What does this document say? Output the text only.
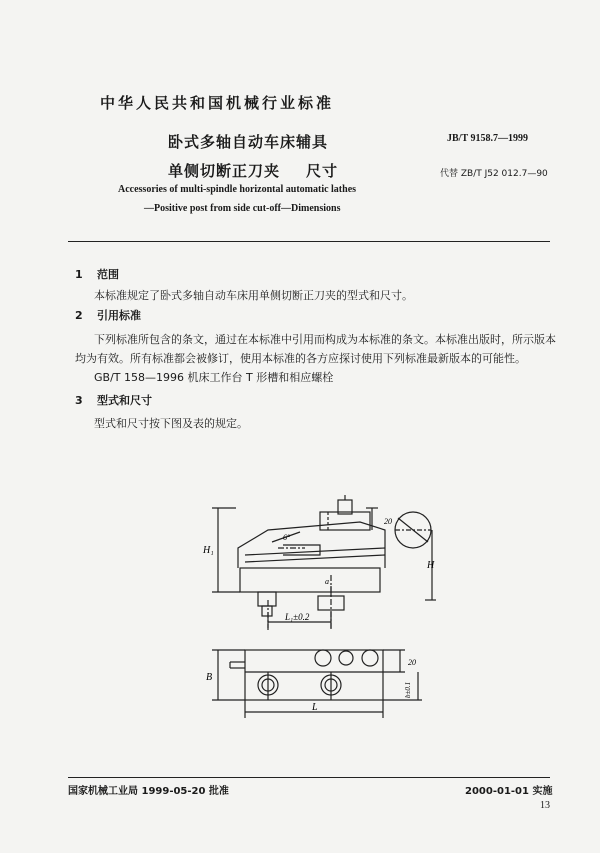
中华人民共和国机械行业标准
卧式多轴自动车床辅具
单侧切断正刀夹 尺寸
JB/T 9158.7—1999
代替 ZB/T J52 012.7—90
Accessories of multi-spindle horizontal automatic lathes
—Positive post from side cut-off—Dimensions
1 范围
本标准规定了卧式多轴自动车床用单侧切断正刀夹的型式和尺寸。
2 引用标准
下列标准所包含的条文，通过在本标准中引用而构成为本标准的条文。本标准出版时，所示版本
均为有效。所有标准都会被修订，使用本标准的各方应探讨使用下列标准最新版本的可能性。
GB/T 158—1996 机床工作台 T 形槽和相应螺栓
3 型式和尺寸
型式和尺寸按下图及表的规定。
H₁
H
6°
a
L₁±0.2
20
B
L
20
b±0.1
国家机械工业局 1999-05-20 批准	2000-01-01 实施
13
